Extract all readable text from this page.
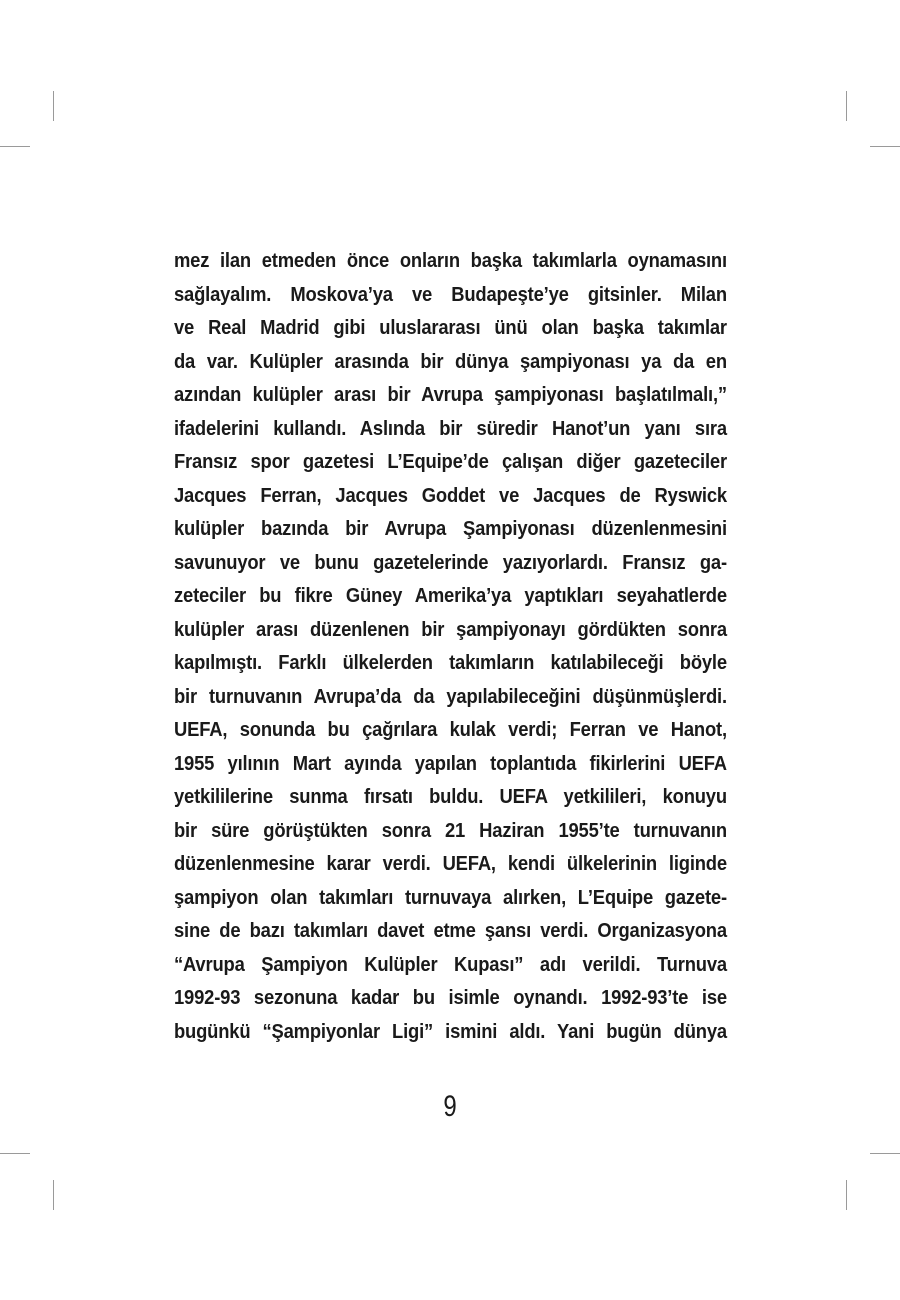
mez ilan etmeden önce onların başka takımlarla oynamasını
sağlayalım. Moskova’ya ve Budapeşte’ye gitsinler. Milan
ve Real Madrid gibi uluslararası ünü olan başka takımlar
da var. Kulüpler arasında bir dünya şampiyonası ya da en
azından kulüpler arası bir Avrupa şampiyonası başlatılmalı,”
ifadelerini kullandı. Aslında bir süredir Hanot’un yanı sıra
Fransız spor gazetesi L’Equipe’de çalışan diğer gazeteciler
Jacques Ferran, Jacques Goddet ve Jacques de Ryswick
kulüpler bazında bir Avrupa Şampiyonası düzenlenmesini
savunuyor ve bunu gazetelerinde yazıyorlardı. Fransız ga-
zeteciler bu fikre Güney Amerika’ya yaptıkları seyahatlerde
kulüpler arası düzenlenen bir şampiyonayı gördükten sonra
kapılmıştı. Farklı ülkelerden takımların katılabileceği böyle
bir turnuvanın Avrupa’da da yapılabileceğini düşünmüşlerdi.
UEFA, sonunda bu çağrılara kulak verdi; Ferran ve Hanot,
1955 yılının Mart ayında yapılan toplantıda fikirlerini UEFA
yetkililerine sunma fırsatı buldu. UEFA yetkilileri, konuyu
bir süre görüştükten sonra 21 Haziran 1955’te turnuvanın
düzenlenmesine karar verdi. UEFA, kendi ülkelerinin liginde
şampiyon olan takımları turnuvaya alırken, L’Equipe gazete-
sine de bazı takımları davet etme şansı verdi. Organizasyona
“Avrupa Şampiyon Kulüpler Kupası” adı verildi. Turnuva
1992-93 sezonuna kadar bu isimle oynandı. 1992-93’te ise
bugünkü “Şampiyonlar Ligi” ismini aldı. Yani bugün dünya
9
